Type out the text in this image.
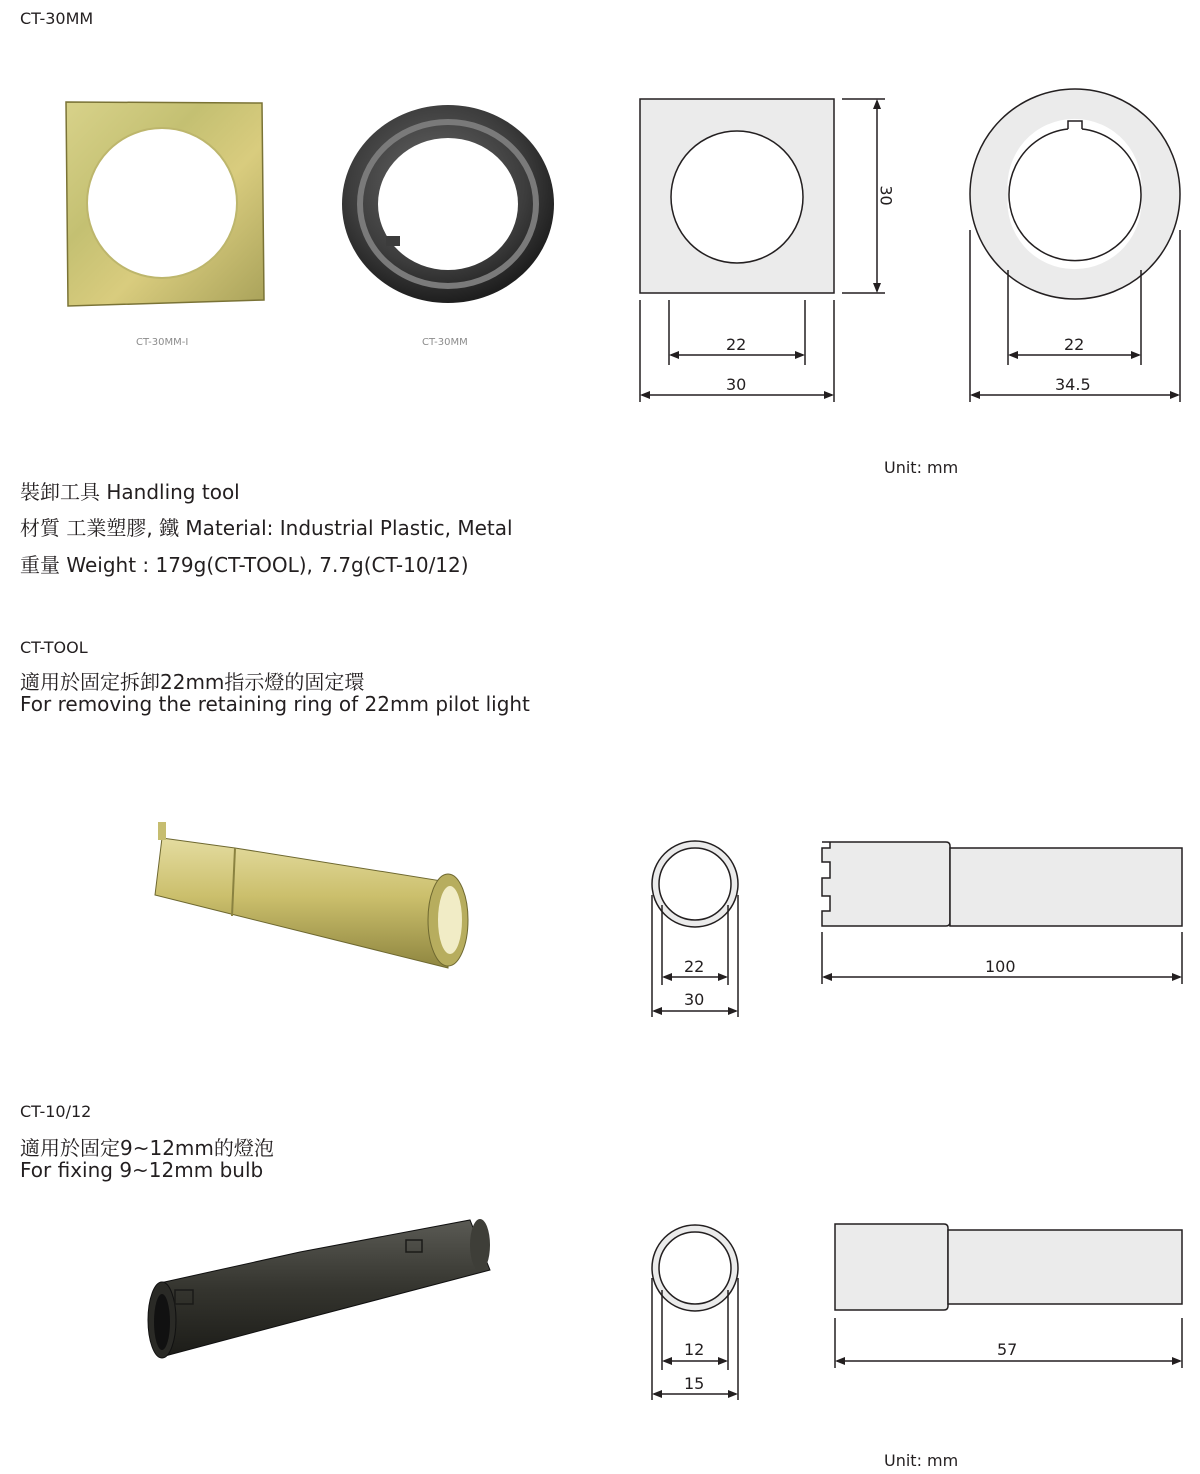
CT-30MM
CT-30MM-I	CT-30MM	22
30
30
22
34.5
Unit: mm
裝卸工具 Handling tool
材質 工業塑膠, 鐵 Material: Industrial Plastic, Metal
重量 Weight : 179g(CT-TOOL), 7.7g(CT-10/12)
CT-TOOL
適用於固定拆卸22mm指示燈的固定環
For removing the retaining ring of 22mm pilot light
22
30
100
CT-10/12
適用於固定9~12mm的燈泡
For fixing 9~12mm bulb
12
15
57
Unit: mm
